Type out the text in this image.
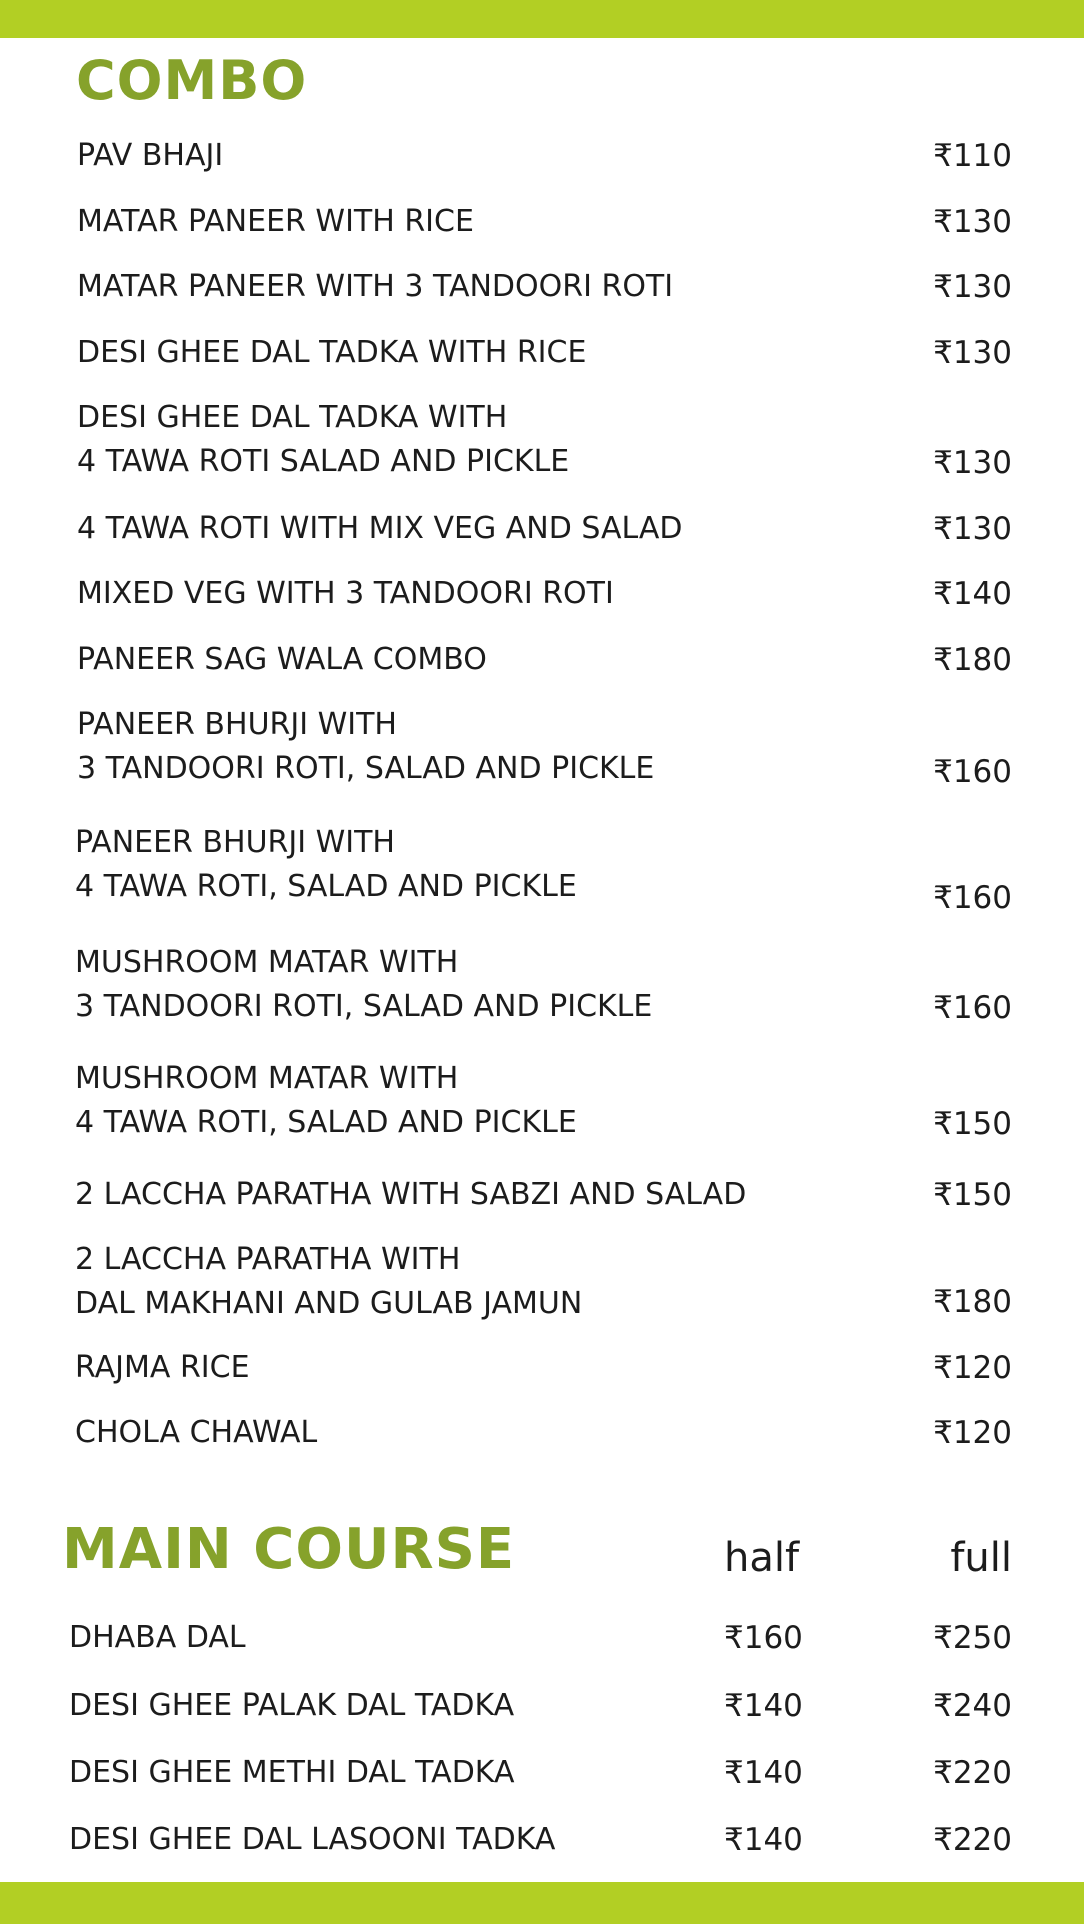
COMBO
PAV BHAJI	₹110
MATAR PANEER WITH RICE	₹130
MATAR PANEER WITH 3 TANDOORI ROTI	₹130
DESI GHEE DAL TADKA WITH RICE	₹130
DESI GHEE DAL TADKA WITH
4 TAWA ROTI SALAD AND PICKLE	₹130
4 TAWA ROTI WITH MIX VEG AND SALAD	₹130
MIXED VEG WITH 3 TANDOORI ROTI	₹140
PANEER SAG WALA COMBO	₹180
PANEER BHURJI WITH
3 TANDOORI ROTI, SALAD AND PICKLE	₹160
PANEER BHURJI WITH
4 TAWA ROTI, SALAD AND PICKLE	₹160
MUSHROOM MATAR WITH
3 TANDOORI ROTI, SALAD AND PICKLE	₹160
MUSHROOM MATAR WITH
4 TAWA ROTI, SALAD AND PICKLE	₹150
2 LACCHA PARATHA WITH SABZI AND SALAD	₹150
2 LACCHA PARATHA WITH
DAL MAKHANI AND GULAB JAMUN	₹180
RAJMA RICE	₹120
CHOLA CHAWAL	₹120
MAIN COURSE	half	full
DHABA DAL	₹160	₹250
DESI GHEE PALAK DAL TADKA	₹140	₹240
DESI GHEE METHI DAL TADKA	₹140	₹220
DESI GHEE DAL LASOONI TADKA	₹140	₹220
